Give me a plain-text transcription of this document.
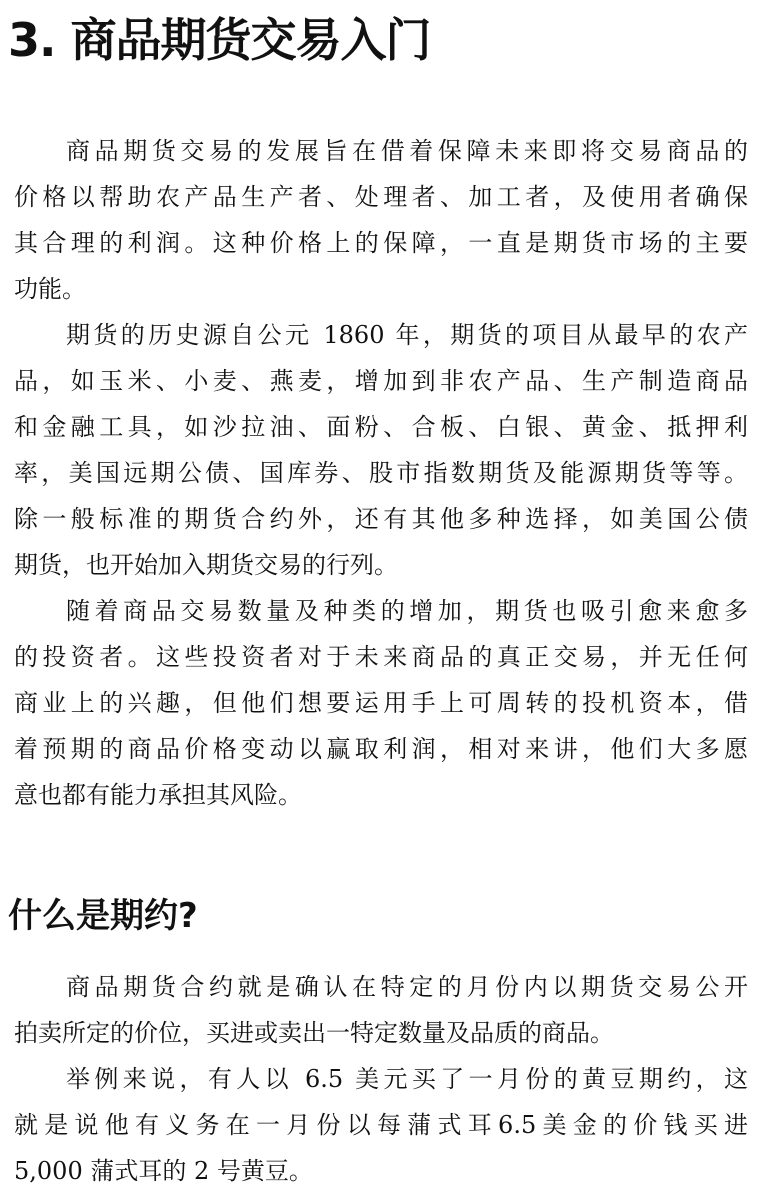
3. 商品期货交易入门
商品期货交易的发展旨在借着保障未来即将交易商品的
价格以帮助农产品生产者、处理者、加工者，及使用者确保
其合理的利润。这种价格上的保障，一直是期货市场的主要
功能。
期货的历史源自公元 1860 年，期货的项目从最早的农产
品，如玉米、小麦、燕麦，增加到非农产品、生产制造商品
和金融工具，如沙拉油、面粉、合板、白银、黄金、抵押利
率，美国远期公债、国库券、股市指数期货及能源期货等等。
除一般标准的期货合约外，还有其他多种选择，如美国公债
期货，也开始加入期货交易的行列。
随着商品交易数量及种类的增加，期货也吸引愈来愈多
的投资者。这些投资者对于未来商品的真正交易，并无任何
商业上的兴趣，但他们想要运用手上可周转的投机资本，借
着预期的商品价格变动以赢取利润，相对来讲，他们大多愿
意也都有能力承担其风险。
什么是期约?
商品期货合约就是确认在特定的月份内以期货交易公开
拍卖所定的价位，买进或卖出一特定数量及品质的商品。
举例来说，有人以 6.5 美元买了一月份的黄豆期约，这
就是说他有义务在一月份以每蒲式耳6.5美金的价钱买进
5,000 蒲式耳的 2 号黄豆。
